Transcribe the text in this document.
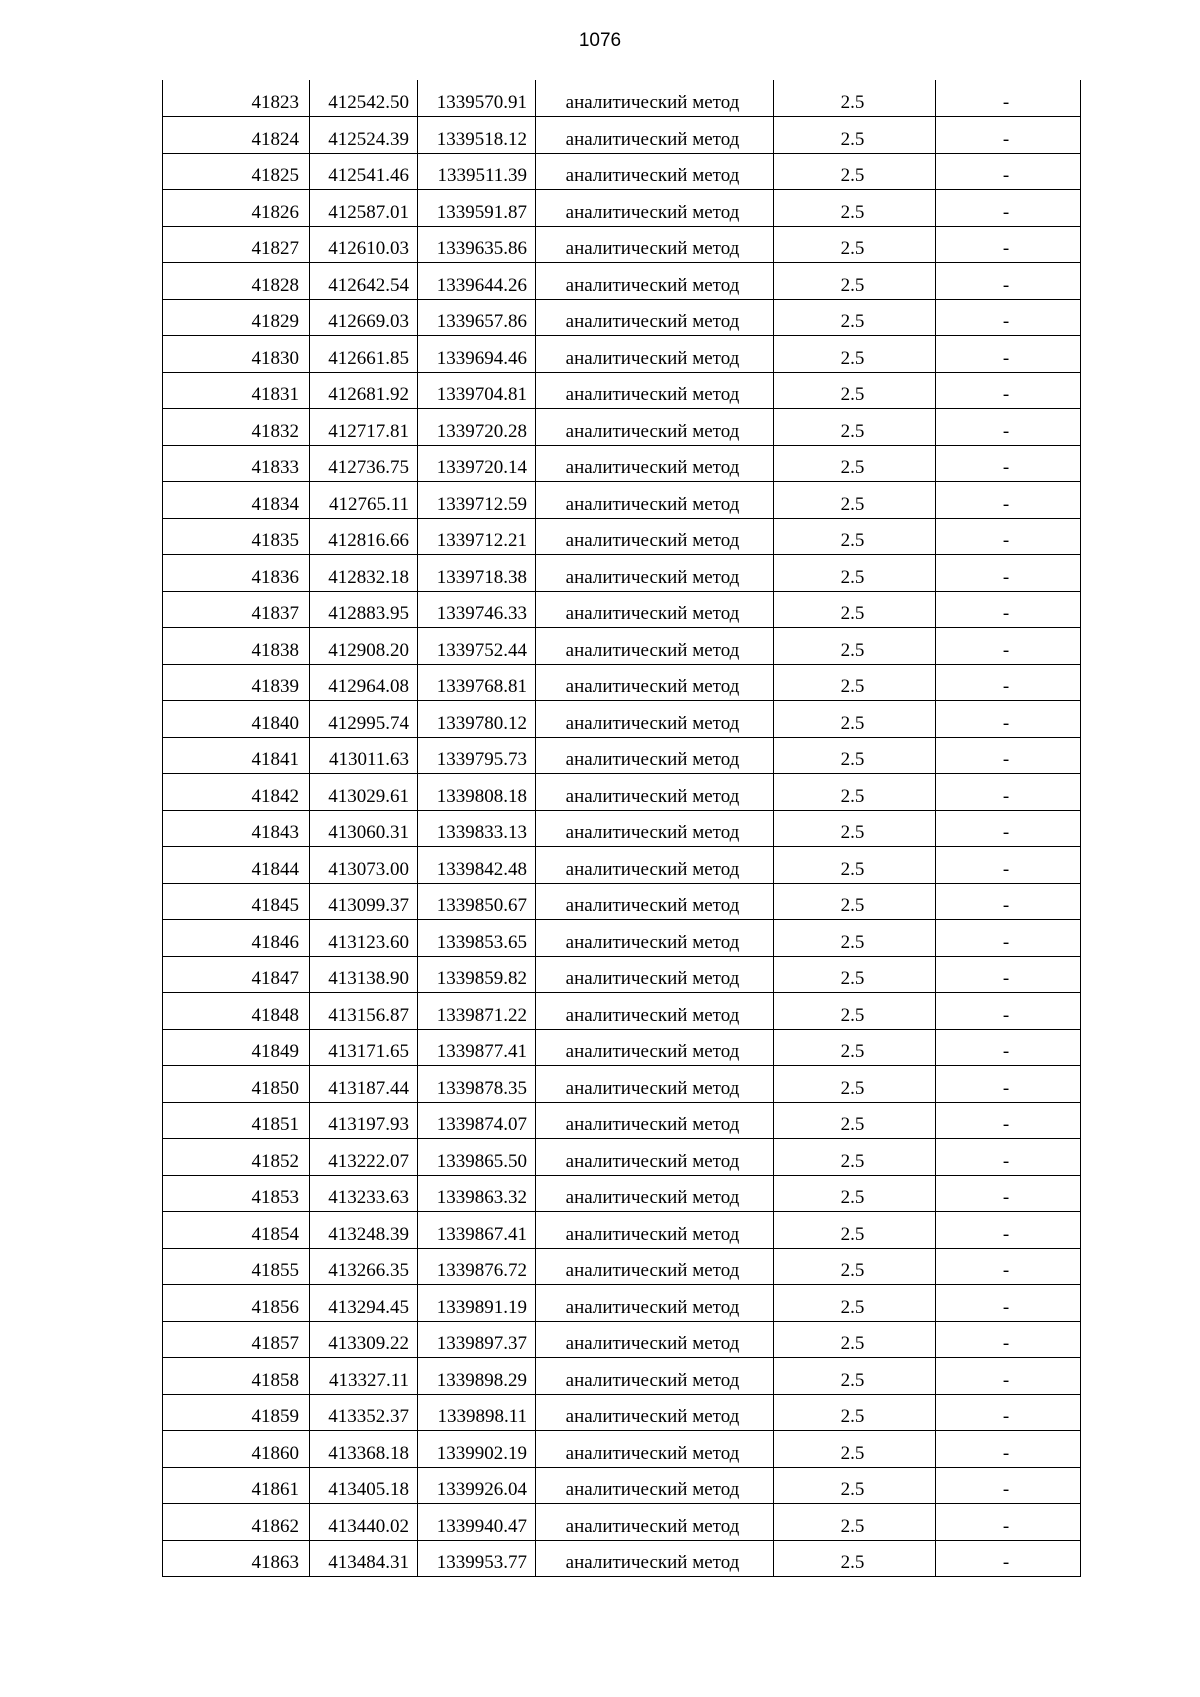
1076
41823	412542.50	1339570.91	аналитический метод	2.5	-
41824	412524.39	1339518.12	аналитический метод	2.5	-
41825	412541.46	1339511.39	аналитический метод	2.5	-
41826	412587.01	1339591.87	аналитический метод	2.5	-
41827	412610.03	1339635.86	аналитический метод	2.5	-
41828	412642.54	1339644.26	аналитический метод	2.5	-
41829	412669.03	1339657.86	аналитический метод	2.5	-
41830	412661.85	1339694.46	аналитический метод	2.5	-
41831	412681.92	1339704.81	аналитический метод	2.5	-
41832	412717.81	1339720.28	аналитический метод	2.5	-
41833	412736.75	1339720.14	аналитический метод	2.5	-
41834	412765.11	1339712.59	аналитический метод	2.5	-
41835	412816.66	1339712.21	аналитический метод	2.5	-
41836	412832.18	1339718.38	аналитический метод	2.5	-
41837	412883.95	1339746.33	аналитический метод	2.5	-
41838	412908.20	1339752.44	аналитический метод	2.5	-
41839	412964.08	1339768.81	аналитический метод	2.5	-
41840	412995.74	1339780.12	аналитический метод	2.5	-
41841	413011.63	1339795.73	аналитический метод	2.5	-
41842	413029.61	1339808.18	аналитический метод	2.5	-
41843	413060.31	1339833.13	аналитический метод	2.5	-
41844	413073.00	1339842.48	аналитический метод	2.5	-
41845	413099.37	1339850.67	аналитический метод	2.5	-
41846	413123.60	1339853.65	аналитический метод	2.5	-
41847	413138.90	1339859.82	аналитический метод	2.5	-
41848	413156.87	1339871.22	аналитический метод	2.5	-
41849	413171.65	1339877.41	аналитический метод	2.5	-
41850	413187.44	1339878.35	аналитический метод	2.5	-
41851	413197.93	1339874.07	аналитический метод	2.5	-
41852	413222.07	1339865.50	аналитический метод	2.5	-
41853	413233.63	1339863.32	аналитический метод	2.5	-
41854	413248.39	1339867.41	аналитический метод	2.5	-
41855	413266.35	1339876.72	аналитический метод	2.5	-
41856	413294.45	1339891.19	аналитический метод	2.5	-
41857	413309.22	1339897.37	аналитический метод	2.5	-
41858	413327.11	1339898.29	аналитический метод	2.5	-
41859	413352.37	1339898.11	аналитический метод	2.5	-
41860	413368.18	1339902.19	аналитический метод	2.5	-
41861	413405.18	1339926.04	аналитический метод	2.5	-
41862	413440.02	1339940.47	аналитический метод	2.5	-
41863	413484.31	1339953.77	аналитический метод	2.5	-
